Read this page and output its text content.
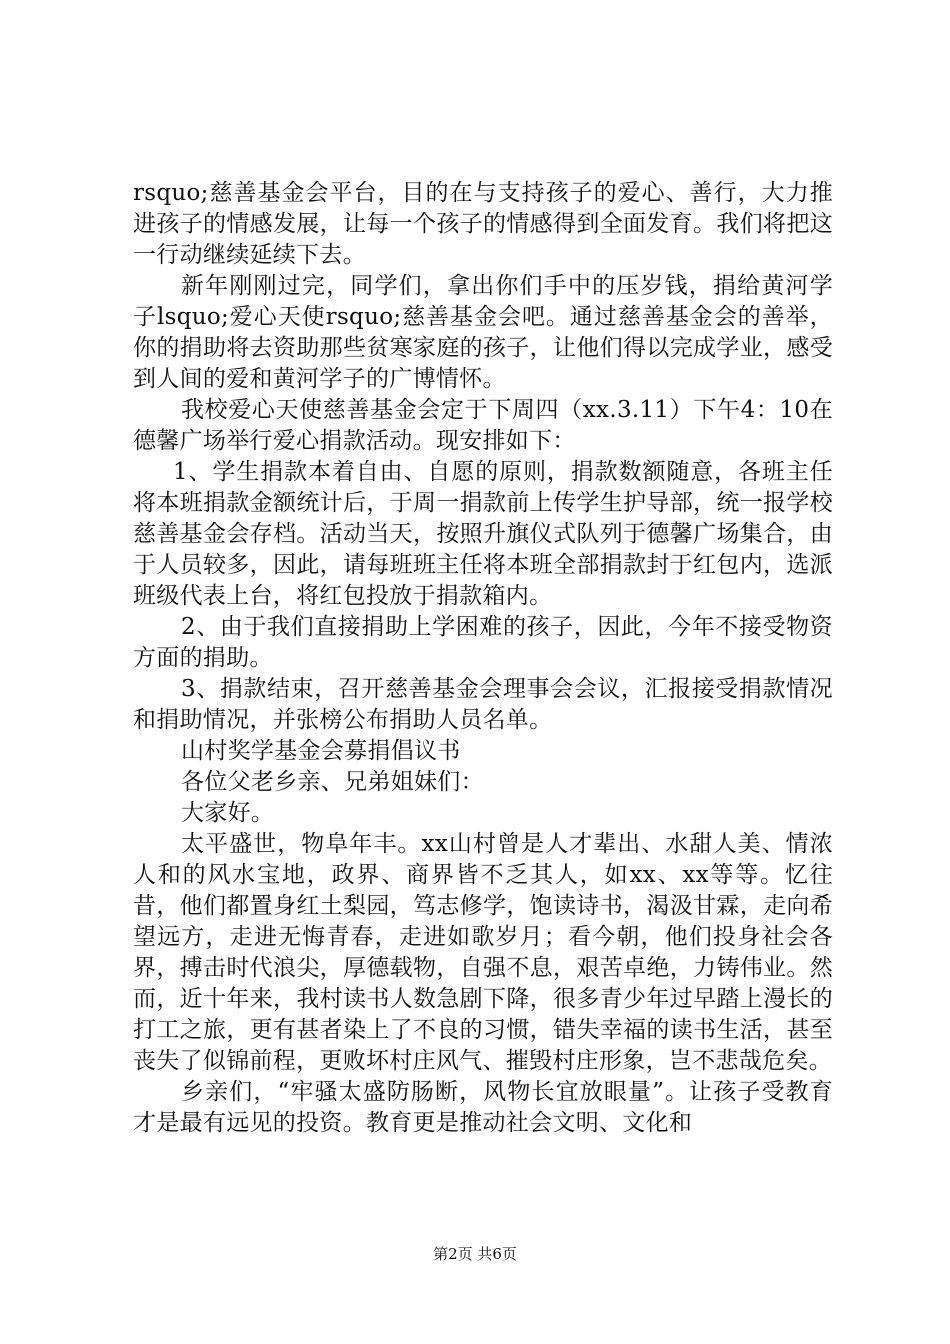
rsquo;慈善基金会平台，目的在与支持孩子的爱心、善行，大力推进孩子的情感发展，让每一个孩子的情感得到全面发育。我们将把这一行动继续延续下去。

新年刚刚过完，同学们，拿出你们手中的压岁钱，捐给黄河学子lsquo;爱心天使rsquo;慈善基金会吧。通过慈善基金会的善举，你的捐助将去资助那些贫寒家庭的孩子，让他们得以完成学业，感受到人间的爱和黄河学子的广博情怀。

我校爱心天使慈善基金会定于下周四（xx.3.11）下午4：10在德馨广场举行爱心捐款活动。现安排如下：

1、学生捐款本着自由、自愿的原则，捐款数额随意，各班主任将本班捐款金额统计后，于周一捐款前上传学生护导部，统一报学校慈善基金会存档。活动当天，按照升旗仪式队列于德馨广场集合，由于人员较多，因此，请每班班主任将本班全部捐款封于红包内，选派班级代表上台，将红包投放于捐款箱内。

2、由于我们直接捐助上学困难的孩子，因此，今年不接受物资方面的捐助。

3、捐款结束，召开慈善基金会理事会会议，汇报接受捐款情况和捐助情况，并张榜公布捐助人员名单。

山村奖学基金会募捐倡议书

各位父老乡亲、兄弟姐妹们：

大家好。

太平盛世，物阜年丰。xx山村曾是人才辈出、水甜人美、情浓人和的风水宝地，政界、商界皆不乏其人，如xx、xx等等。忆往昔，他们都置身红土梨园，笃志修学，饱读诗书，渴汲甘霖，走向希望远方，走进无悔青春，走进如歌岁月；看今朝，他们投身社会各界，搏击时代浪尖，厚德载物，自强不息，艰苦卓绝，力铸伟业。然而，近十年来，我村读书人数急剧下降，很多青少年过早踏上漫长的打工之旅，更有甚者染上了不良的习惯，错失幸福的读书生活，甚至丧失了似锦前程，更败坏村庄风气、摧毁村庄形象，岂不悲哉危矣。

乡亲们，“牢骚太盛防肠断，风物长宜放眼量”。让孩子受教育才是最有远见的投资。教育更是推动社会文明、文化和

第2页 共6页
